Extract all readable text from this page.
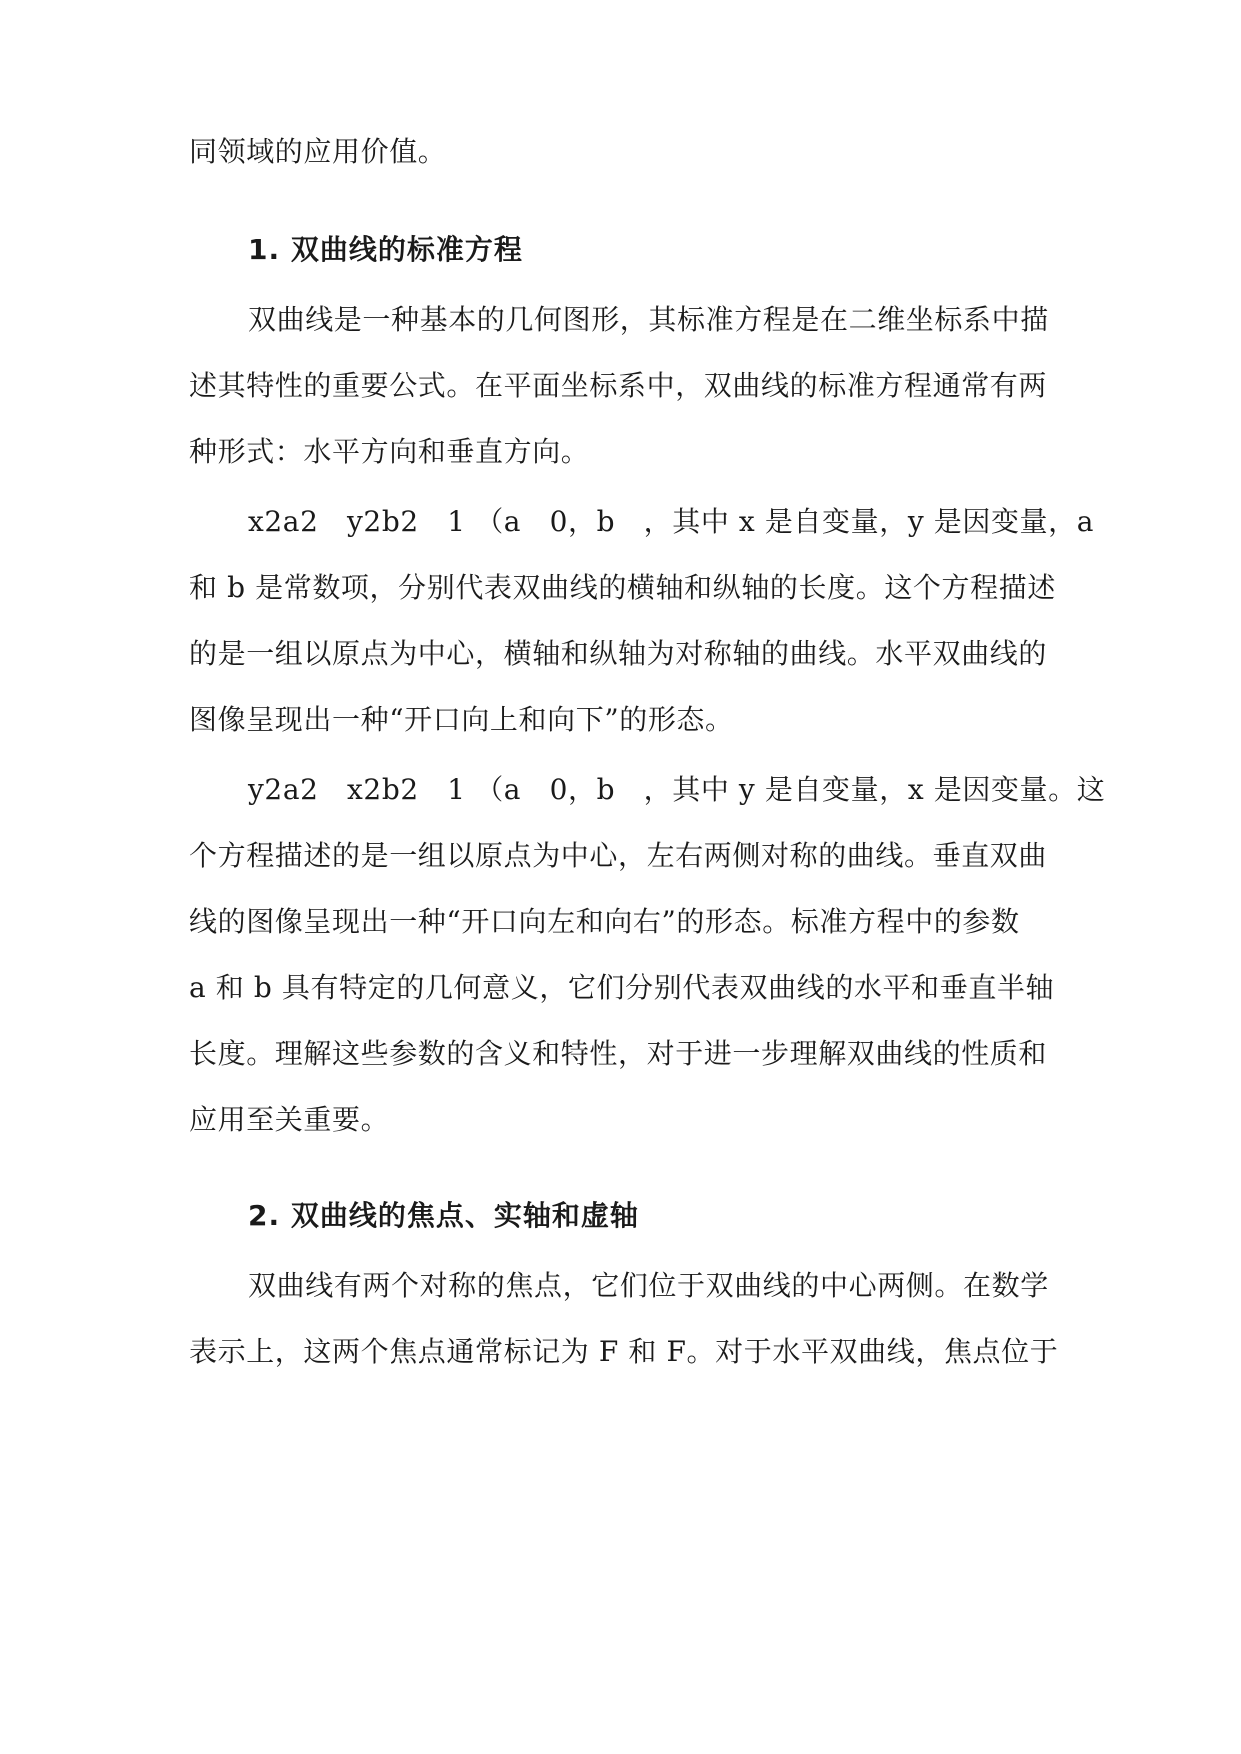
同领域的应用价值。
1. 双曲线的标准方程
双曲线是一种基本的几何图形，其标准方程是在二维坐标系中描
述其特性的重要公式。在平面坐标系中，双曲线的标准方程通常有两
种形式：水平方向和垂直方向。
x2a2   y2b2   1 （a   0，b   ，其中 x 是自变量，y 是因变量，a
和 b 是常数项，分别代表双曲线的横轴和纵轴的长度。这个方程描述
的是一组以原点为中心，横轴和纵轴为对称轴的曲线。水平双曲线的
图像呈现出一种“开口向上和向下”的形态。
y2a2   x2b2   1 （a   0，b   ，其中 y 是自变量，x 是因变量。这
个方程描述的是一组以原点为中心，左右两侧对称的曲线。垂直双曲
线的图像呈现出一种“开口向左和向右”的形态。标准方程中的参数
a 和 b 具有特定的几何意义，它们分别代表双曲线的水平和垂直半轴
长度。理解这些参数的含义和特性，对于进一步理解双曲线的性质和
应用至关重要。
2. 双曲线的焦点、实轴和虚轴
双曲线有两个对称的焦点，它们位于双曲线的中心两侧。在数学
表示上，这两个焦点通常标记为 F 和 F。对于水平双曲线，焦点位于
